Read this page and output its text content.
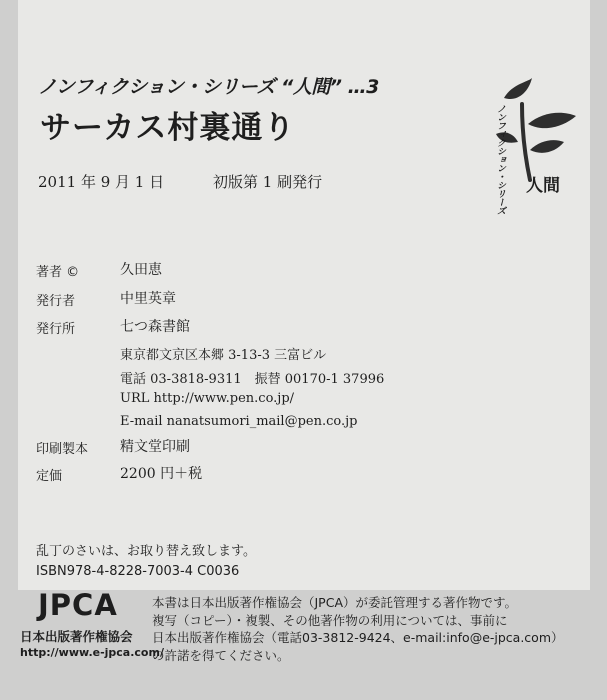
ノンフィクション・シリーズ “人間” …3
サーカス村裏通り
2011 年 9 月 1 日	初版第 1 刷発行	ノンフィクション・シリーズ 人間
著者 ©	久田恵
発行者	中里英章
発行所	七つ森書館
東京都文京区本郷 3-13-3 三富ビル
電話 03-3818-9311　振替 00170-1 37996
URL http://www.pen.co.jp/
E-mail nanatsumori_mail@pen.co.jp
印刷製本 精文堂印刷
定価	2200 円＋税
乱丁のさいは、お取り替え致します。
ISBN978-4-8228-7003-4 C0036
JPCA
日本出版著作権協会
http://www.e-jpca.com/
本書は日本出版著作権協会（JPCA）が委託管理する著作物です。
複写（コピー）・複製、その他著作物の利用については、事前に
日本出版著作権協会（電話03-3812-9424、e-mail:info@e-jpca.com）
の許諾を得てください。
